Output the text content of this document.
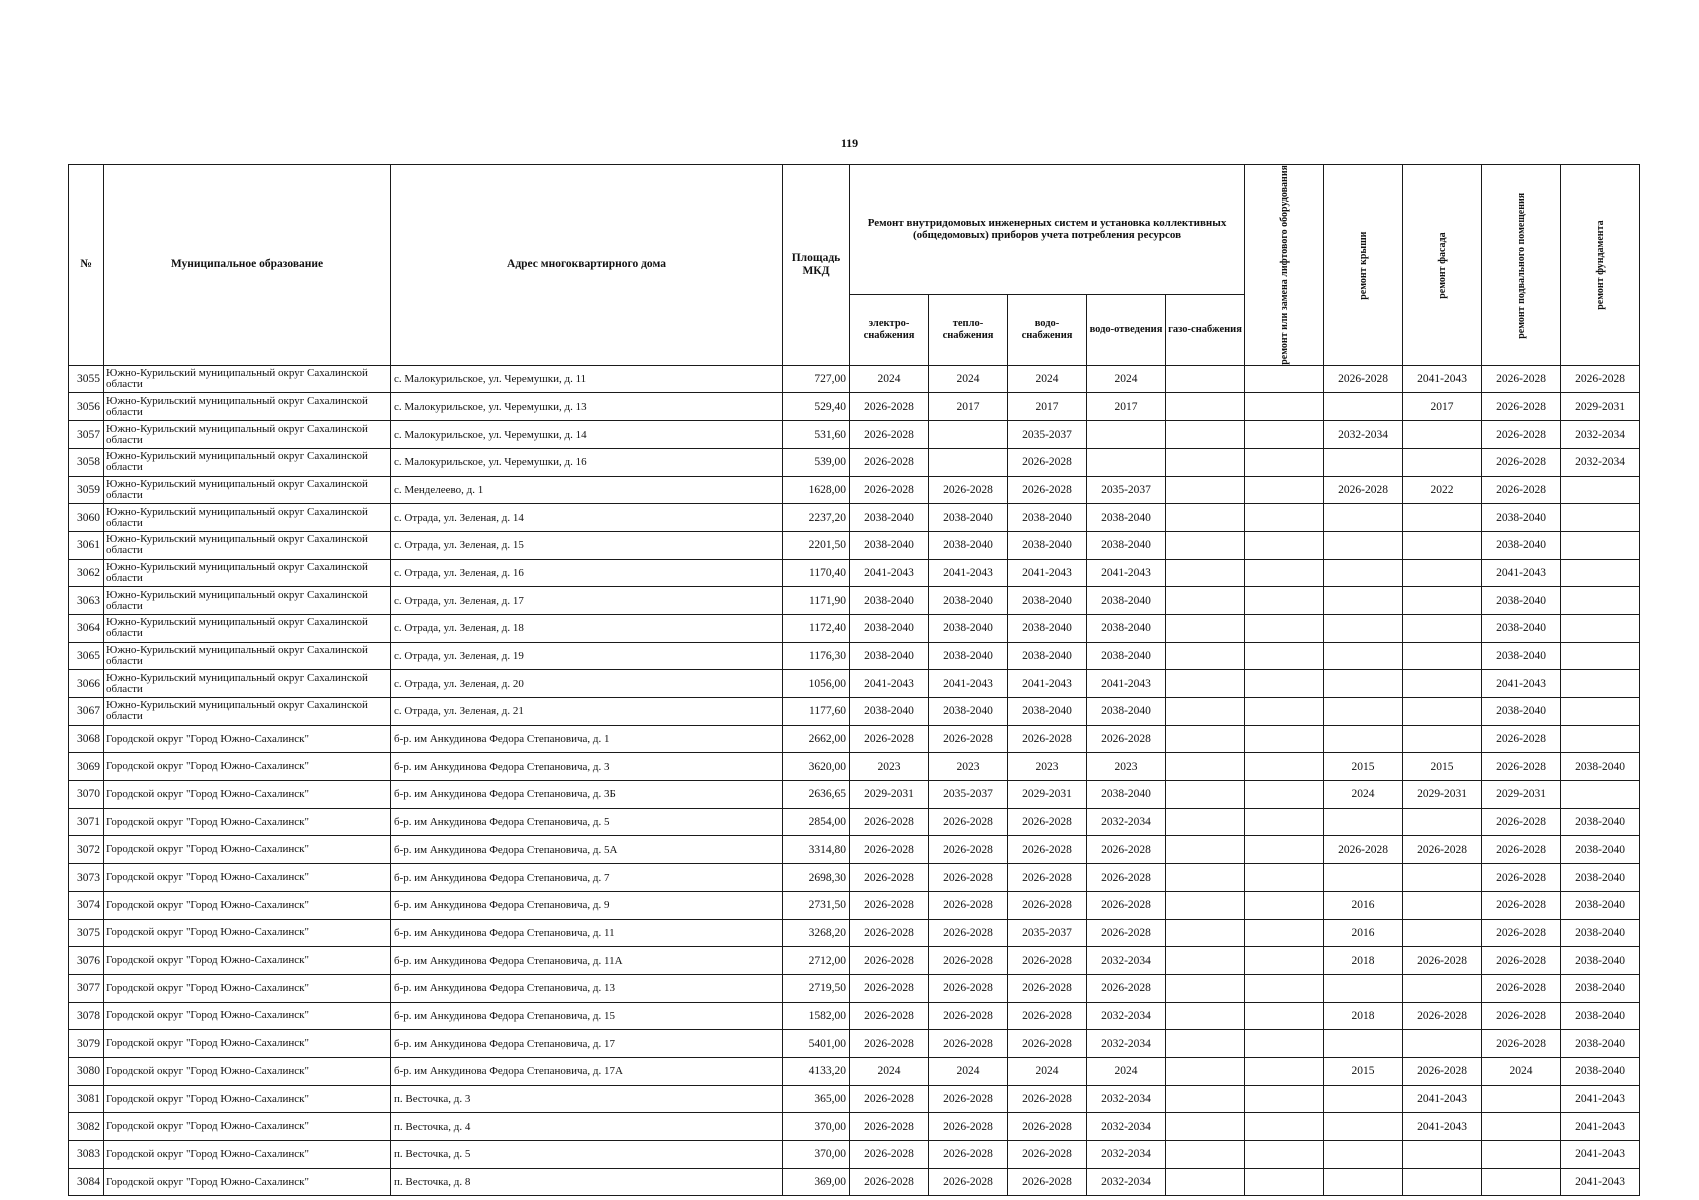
119
№	Муниципальное образование	Адрес многоквартирного дома	Площадь МКД	Ремонт внутридомовых инженерных систем и установка коллективных (общедомовых) приборов учета потребления ресурсов					ремонт или замена лифтового оборудования	ремонт крыши	ремонт фасада	ремонт подвального помещения	ремонт фундамента
				электро-снабжения	тепло-снабжения	водо-снабжения	водо-отведения	газо-снабжения					
3055	Южно-Курильский муниципальный округ Сахалинской области	с. Малокурильское, ул. Черемушки, д. 11	727,00	2024	2024	2024	2024			2026-2028	2041-2043	2026-2028	2026-2028
3056	Южно-Курильский муниципальный округ Сахалинской области	с. Малокурильское, ул. Черемушки, д. 13	529,40	2026-2028	2017	2017	2017				2017	2026-2028	2029-2031
3057	Южно-Курильский муниципальный округ Сахалинской области	с. Малокурильское, ул. Черемушки, д. 14	531,60	2026-2028		2035-2037				2032-2034		2026-2028	2032-2034
3058	Южно-Курильский муниципальный округ Сахалинской области	с. Малокурильское, ул. Черемушки, д. 16	539,00	2026-2028		2026-2028						2026-2028	2032-2034
3059	Южно-Курильский муниципальный округ Сахалинской области	с. Менделеево, д. 1	1628,00	2026-2028	2026-2028	2026-2028	2035-2037			2026-2028	2022	2026-2028	
3060	Южно-Курильский муниципальный округ Сахалинской области	с. Отрада, ул. Зеленая, д. 14	2237,20	2038-2040	2038-2040	2038-2040	2038-2040					2038-2040	
3061	Южно-Курильский муниципальный округ Сахалинской области	с. Отрада, ул. Зеленая, д. 15	2201,50	2038-2040	2038-2040	2038-2040	2038-2040					2038-2040	
3062	Южно-Курильский муниципальный округ Сахалинской области	с. Отрада, ул. Зеленая, д. 16	1170,40	2041-2043	2041-2043	2041-2043	2041-2043					2041-2043	
3063	Южно-Курильский муниципальный округ Сахалинской области	с. Отрада, ул. Зеленая, д. 17	1171,90	2038-2040	2038-2040	2038-2040	2038-2040					2038-2040	
3064	Южно-Курильский муниципальный округ Сахалинской области	с. Отрада, ул. Зеленая, д. 18	1172,40	2038-2040	2038-2040	2038-2040	2038-2040					2038-2040	
3065	Южно-Курильский муниципальный округ Сахалинской области	с. Отрада, ул. Зеленая, д. 19	1176,30	2038-2040	2038-2040	2038-2040	2038-2040					2038-2040	
3066	Южно-Курильский муниципальный округ Сахалинской области	с. Отрада, ул. Зеленая, д. 20	1056,00	2041-2043	2041-2043	2041-2043	2041-2043					2041-2043	
3067	Южно-Курильский муниципальный округ Сахалинской области	с. Отрада, ул. Зеленая, д. 21	1177,60	2038-2040	2038-2040	2038-2040	2038-2040					2038-2040	
3068	Городской округ "Город Южно-Сахалинск"	б-р. им Анкудинова Федора Степановича, д. 1	2662,00	2026-2028	2026-2028	2026-2028	2026-2028					2026-2028	
3069	Городской округ "Город Южно-Сахалинск"	б-р. им Анкудинова Федора Степановича, д. 3	3620,00	2023	2023	2023	2023			2015	2015	2026-2028	2038-2040
3070	Городской округ "Город Южно-Сахалинск"	б-р. им Анкудинова Федора Степановича, д. 3Б	2636,65	2029-2031	2035-2037	2029-2031	2038-2040			2024	2029-2031	2029-2031	
3071	Городской округ "Город Южно-Сахалинск"	б-р. им Анкудинова Федора Степановича, д. 5	2854,00	2026-2028	2026-2028	2026-2028	2032-2034					2026-2028	2038-2040
3072	Городской округ "Город Южно-Сахалинск"	б-р. им Анкудинова Федора Степановича, д. 5А	3314,80	2026-2028	2026-2028	2026-2028	2026-2028			2026-2028	2026-2028	2026-2028	2038-2040
3073	Городской округ "Город Южно-Сахалинск"	б-р. им Анкудинова Федора Степановича, д. 7	2698,30	2026-2028	2026-2028	2026-2028	2026-2028					2026-2028	2038-2040
3074	Городской округ "Город Южно-Сахалинск"	б-р. им Анкудинова Федора Степановича, д. 9	2731,50	2026-2028	2026-2028	2026-2028	2026-2028			2016		2026-2028	2038-2040
3075	Городской округ "Город Южно-Сахалинск"	б-р. им Анкудинова Федора Степановича, д. 11	3268,20	2026-2028	2026-2028	2035-2037	2026-2028			2016		2026-2028	2038-2040
3076	Городской округ "Город Южно-Сахалинск"	б-р. им Анкудинова Федора Степановича, д. 11А	2712,00	2026-2028	2026-2028	2026-2028	2032-2034			2018	2026-2028	2026-2028	2038-2040
3077	Городской округ "Город Южно-Сахалинск"	б-р. им Анкудинова Федора Степановича, д. 13	2719,50	2026-2028	2026-2028	2026-2028	2026-2028					2026-2028	2038-2040
3078	Городской округ "Город Южно-Сахалинск"	б-р. им Анкудинова Федора Степановича, д. 15	1582,00	2026-2028	2026-2028	2026-2028	2032-2034			2018	2026-2028	2026-2028	2038-2040
3079	Городской округ "Город Южно-Сахалинск"	б-р. им Анкудинова Федора Степановича, д. 17	5401,00	2026-2028	2026-2028	2026-2028	2032-2034					2026-2028	2038-2040
3080	Городской округ "Город Южно-Сахалинск"	б-р. им Анкудинова Федора Степановича, д. 17А	4133,20	2024	2024	2024	2024			2015	2026-2028	2024	2038-2040
3081	Городской округ "Город Южно-Сахалинск"	п. Весточка, д. 3	365,00	2026-2028	2026-2028	2026-2028	2032-2034				2041-2043		2041-2043
3082	Городской округ "Город Южно-Сахалинск"	п. Весточка, д. 4	370,00	2026-2028	2026-2028	2026-2028	2032-2034				2041-2043		2041-2043
3083	Городской округ "Город Южно-Сахалинск"	п. Весточка, д. 5	370,00	2026-2028	2026-2028	2026-2028	2032-2034						2041-2043
3084	Городской округ "Город Южно-Сахалинск"	п. Весточка, д. 8	369,00	2026-2028	2026-2028	2026-2028	2032-2034						2041-2043
